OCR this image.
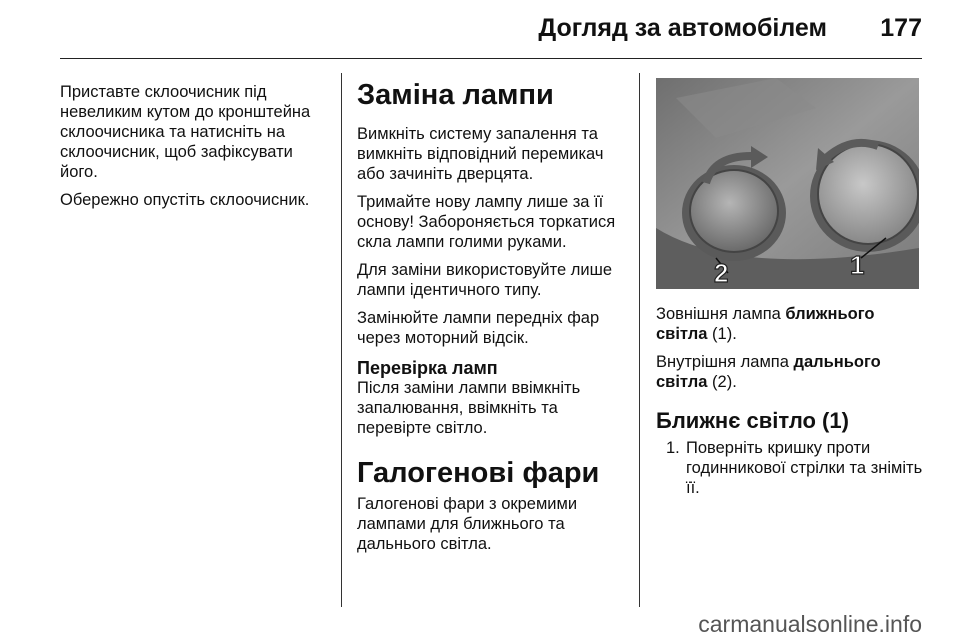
Догляд за автомобілем 177

Приставте склоочисник під невеликим кутом до кронштейна склоочисника та натисніть на склоочисник, щоб зафіксувати його.

Обережно опустіть склоочисник.

Заміна лампи

Вимкніть систему запалення та вимкніть відповідний перемикач або зачиніть дверцята.

Тримайте нову лампу лише за її основу! Забороняється торкатися скла лампи голими руками.

Для заміни використовуйте лише лампи ідентичного типу.

Замінюйте лампи передніх фар через моторний відсік.

Перевірка ламп

Після заміни лампи ввімкніть запалювання, ввімкніть та перевірте світло.

Галогенові фари

Галогенові фари з окремими лампами для ближнього та дальнього світла.

1
2

Зовнішня лампа ближнього світла (1).

Внутрішня лампа дальнього світла (2).

Ближнє світло (1)
1. Поверніть кришку проти годинникової стрілки та зніміть її.
carmanualsonline.info
